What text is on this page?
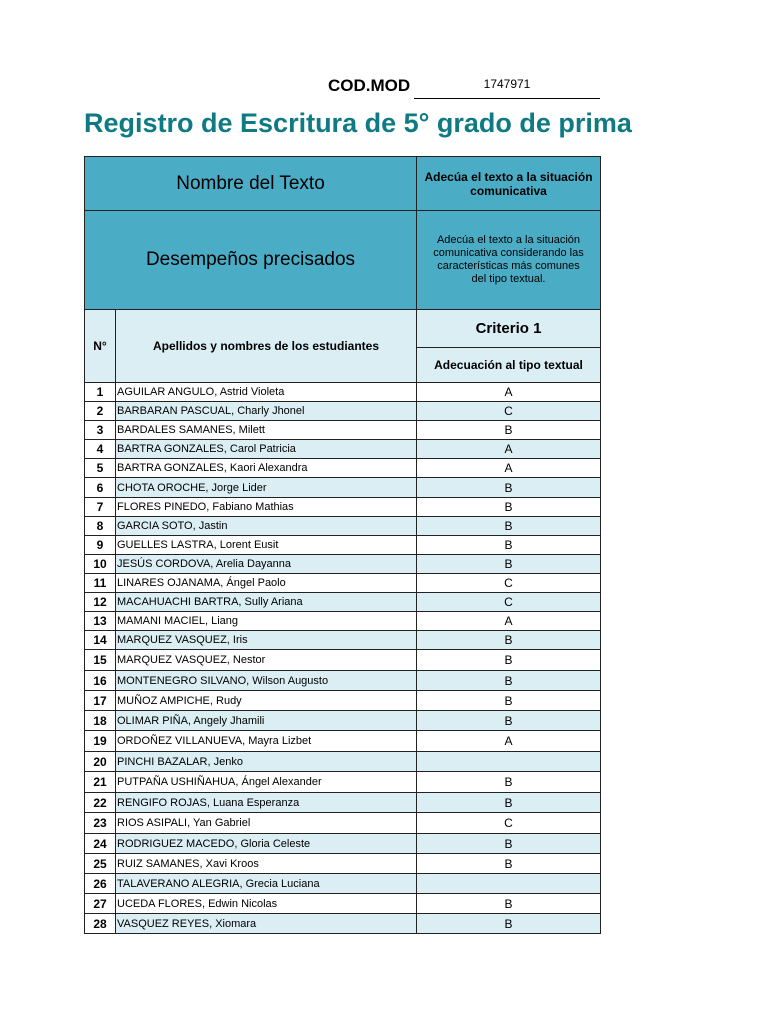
COD.MOD	1747971
Registro de Escritura de 5° grado de prima
Nombre del Texto		Adecúa el texto a la situación comunicativa
Desempeños precisados		Adecúa el texto a la situación comunicativa considerando las características más comunes del tipo textual.
N°	Apellidos y nombres de los estudiantes	Criterio 1
		Adecuación al tipo textual
1	AGUILAR ANGULO, Astrid Violeta	A
2	BARBARAN PASCUAL, Charly Jhonel	C
3	BARDALES SAMANES, Milett	B
4	BARTRA GONZALES, Carol Patricia	A
5	BARTRA GONZALES, Kaori Alexandra	A
6	CHOTA OROCHE, Jorge Lider	B
7	FLORES PINEDO, Fabiano Mathias	B
8	GARCIA SOTO, Jastin	B
9	GUELLES LASTRA, Lorent Eusit	B
10	JESÚS CORDOVA, Arelia Dayanna	B
11	LINARES OJANAMA, Ángel Paolo	C
12	MACAHUACHI BARTRA, Sully Ariana	C
13	MAMANI MACIEL, Liang	A
14	MARQUEZ VASQUEZ, Iris	B
15	MARQUEZ VASQUEZ, Nestor	B
16	MONTENEGRO SILVANO, Wilson Augusto	B
17	MUÑOZ AMPICHE, Rudy	B
18	OLIMAR PIÑA, Angely Jhamili	B
19	ORDOÑEZ VILLANUEVA, Mayra Lizbet	A
20	PINCHI BAZALAR, Jenko	
21	PUTPAÑA USHIÑAHUA, Ángel Alexander	B
22	RENGIFO ROJAS, Luana Esperanza	B
23	RIOS ASIPALI, Yan Gabriel	C
24	RODRIGUEZ MACEDO, Gloria Celeste	B
25	RUIZ SAMANES, Xavi Kroos	B
26	TALAVERANO ALEGRIA, Grecia Luciana	
27	UCEDA FLORES, Edwin Nicolas	B
28	VASQUEZ REYES, Xiomara	B
